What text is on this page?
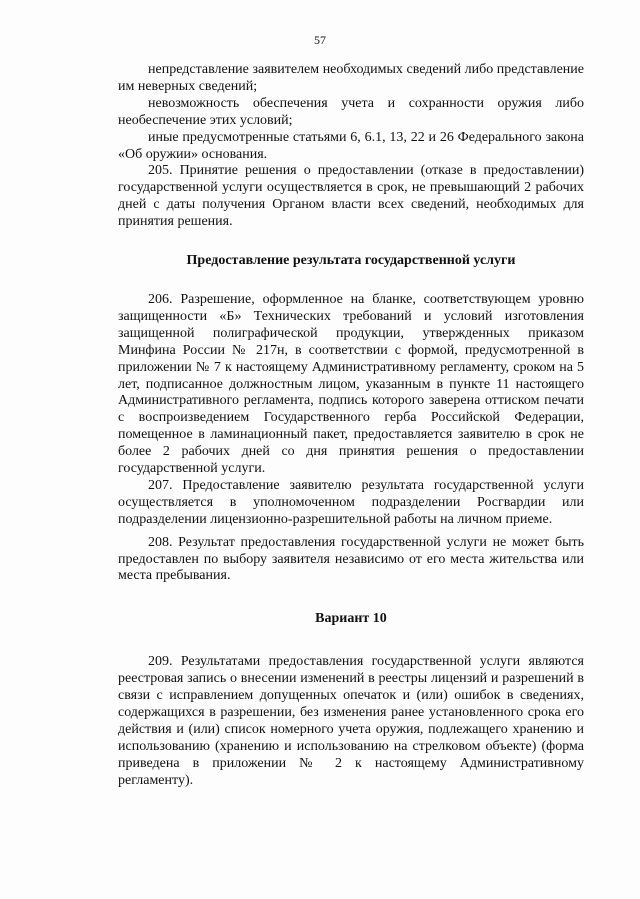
57

непредставление заявителем необходимых сведений либо представление им неверных сведений;

невозможность обеспечения учета и сохранности оружия либо необеспечение этих условий;

иные предусмотренные статьями 6, 6.1, 13, 22 и 26 Федерального закона «Об оружии» основания.

205. Принятие решения о предоставлении (отказе в предоставлении) государственной услуги осуществляется в срок, не превышающий 2 рабочих дней с даты получения Органом власти всех сведений, необходимых для принятия решения.

Предоставление результата государственной услуги

206. Разрешение, оформленное на бланке, соответствующем уровню защищенности «Б» Технических требований и условий изготовления защищенной полиграфической продукции, утвержденных приказом Минфина России № 217н, в соответствии с формой, предусмотренной в приложении № 7 к настоящему Административному регламенту, сроком на 5 лет, подписанное должностным лицом, указанным в пункте 11 настоящего Административного регламента, подпись которого заверена оттиском печати с воспроизведением Государственного герба Российской Федерации, помещенное в ламинационный пакет, предоставляется заявителю в срок не более 2 рабочих дней со дня принятия решения о предоставлении государственной услуги.

207. Предоставление заявителю результата государственной услуги осуществляется в уполномоченном подразделении Росгвардии или подразделении лицензионно-разрешительной работы на личном приеме.

208. Результат предоставления государственной услуги не может быть предоставлен по выбору заявителя независимо от его места жительства или места пребывания.

Вариант 10

209. Результатами предоставления государственной услуги являются реестровая запись о внесении изменений в реестры лицензий и разрешений в связи с исправлением допущенных опечаток и (или) ошибок в сведениях, содержащихся в разрешении, без изменения ранее установленного срока его действия и (или) список номерного учета оружия, подлежащего хранению и использованию (хранению и использованию на стрелковом объекте) (форма приведена в приложении № 2 к настоящему Административному регламенту).
